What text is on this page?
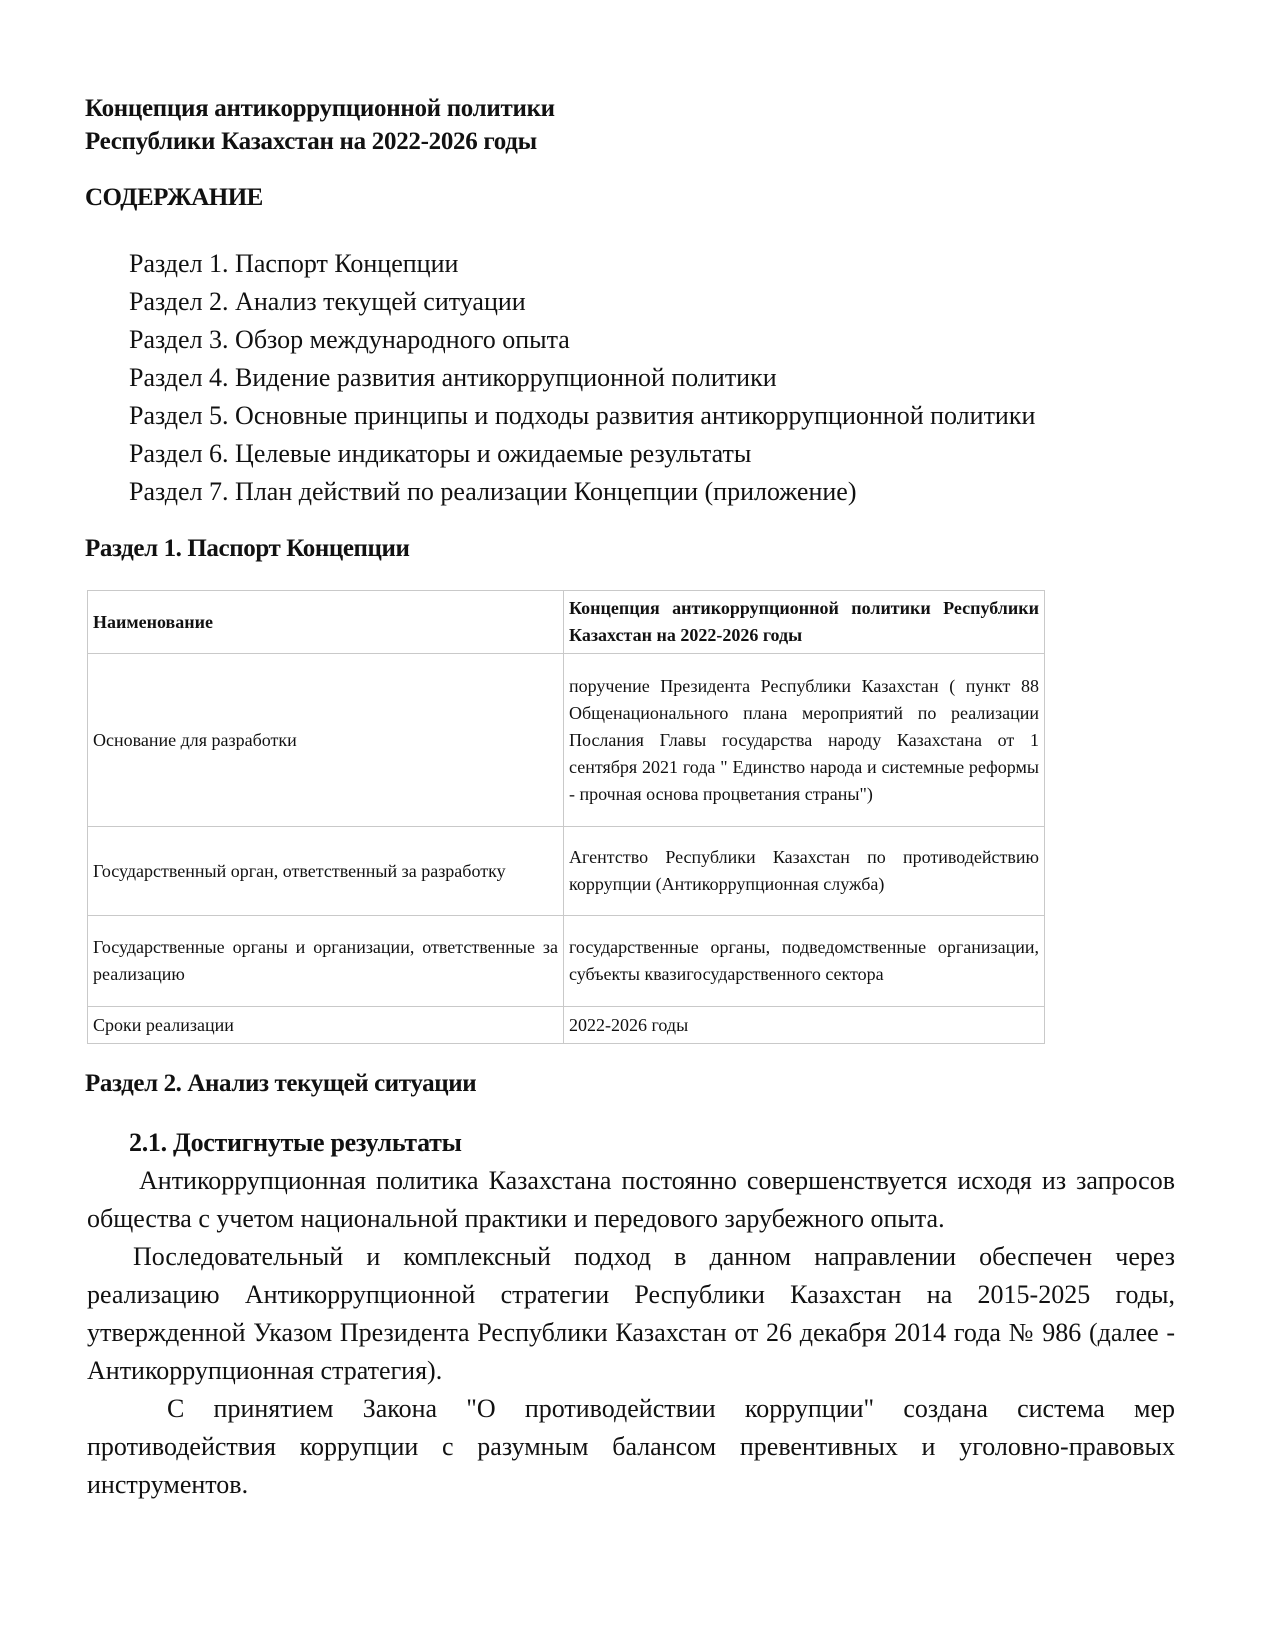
Концепция антикоррупционной политики
Республики Казахстан на 2022-2026 годы
СОДЕРЖАНИЕ
Раздел 1. Паспорт Концепции
Раздел 2. Анализ текущей ситуации
Раздел 3. Обзор международного опыта
Раздел 4. Видение развития антикоррупционной политики
Раздел 5. Основные принципы и подходы развития антикоррупционной политики
Раздел 6. Целевые индикаторы и ожидаемые результаты
Раздел 7. План действий по реализации Концепции (приложение)
Раздел 1. Паспорт Концепции
Наименование	Концепция антикоррупционной политики Республики Казахстан на 2022-2026 годы
Основание для разработки	поручение Президента Республики Казахстан ( пункт 88 Общенационального плана мероприятий по реализации Послания Главы государства народу Казахстана от 1 сентября 2021 года " Единство народа и системные реформы - прочная основа процветания страны")
Государственный орган, ответственный за разработку	Агентство Республики Казахстан по противодействию коррупции (Антикоррупционная служба)
Государственные органы и организации, ответственные за реализацию	государственные органы, подведомственные организации, субъекты квазигосударственного сектора
Сроки реализации	2022-2026 годы
Раздел 2. Анализ текущей ситуации
2.1. Достигнутые результаты

Антикоррупционная политика Казахстана постоянно совершенствуется исходя из запросов общества с учетом национальной практики и передового зарубежного опыта.

Последовательный и комплексный подход в данном направлении обеспечен через реализацию Антикоррупционной стратегии Республики Казахстан на 2015-2025 годы, утвержденной Указом Президента Республики Казахстан от 26 декабря 2014 года № 986 (далее - Антикоррупционная стратегия).

С принятием Закона "О противодействии коррупции" создана система мер противодействия коррупции с разумным балансом превентивных и уголовно-правовых инструментов.
